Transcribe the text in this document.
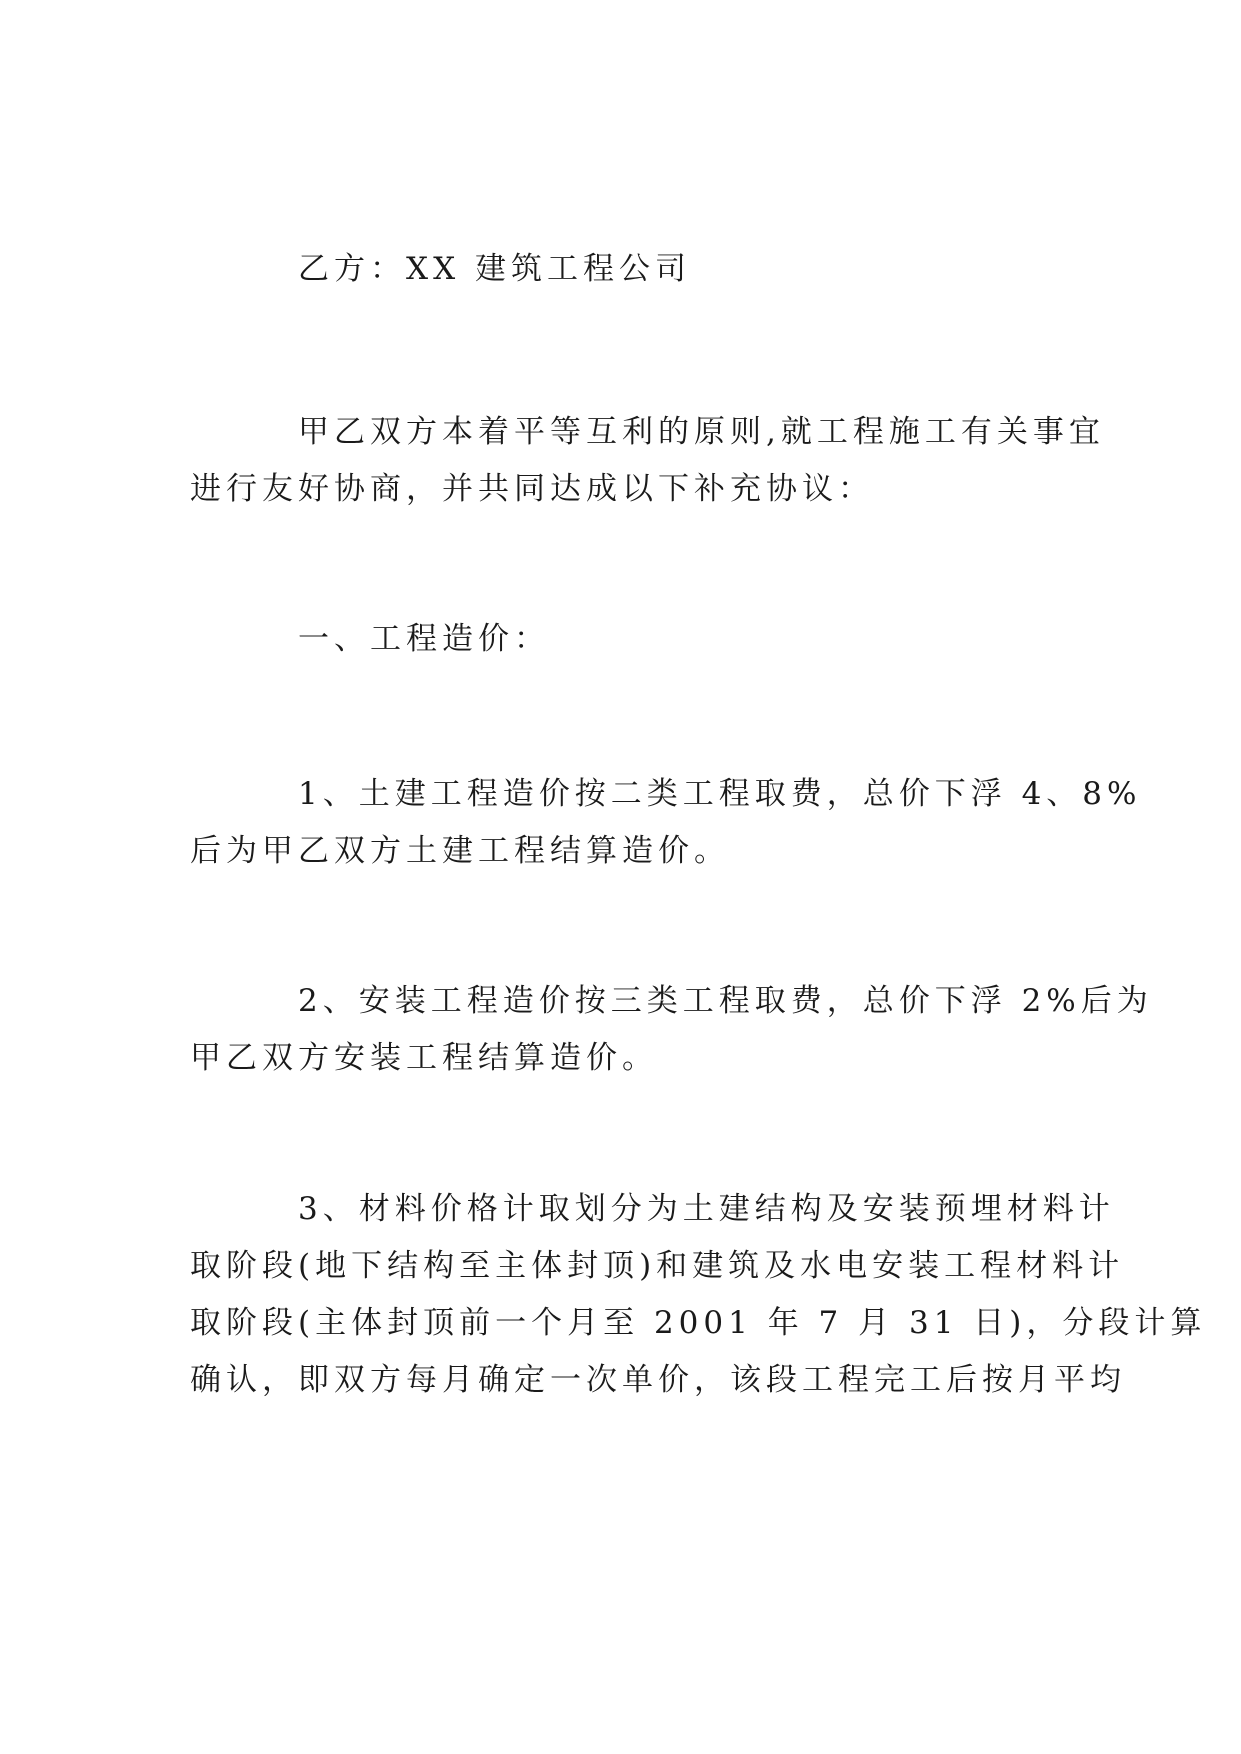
乙方：XX 建筑工程公司
甲乙双方本着平等互利的原则,就工程施工有关事宜
进行友好协商，并共同达成以下补充协议：
一、工程造价：
1、土建工程造价按二类工程取费，总价下浮 4、8%
后为甲乙双方土建工程结算造价。
2、安装工程造价按三类工程取费，总价下浮 2%后为
甲乙双方安装工程结算造价。
3、材料价格计取划分为土建结构及安装预埋材料计
取阶段(地下结构至主体封顶)和建筑及水电安装工程材料计
取阶段(主体封顶前一个月至 2001 年 7 月 31 日)，分段计算
确认，即双方每月确定一次单价，该段工程完工后按月平均
